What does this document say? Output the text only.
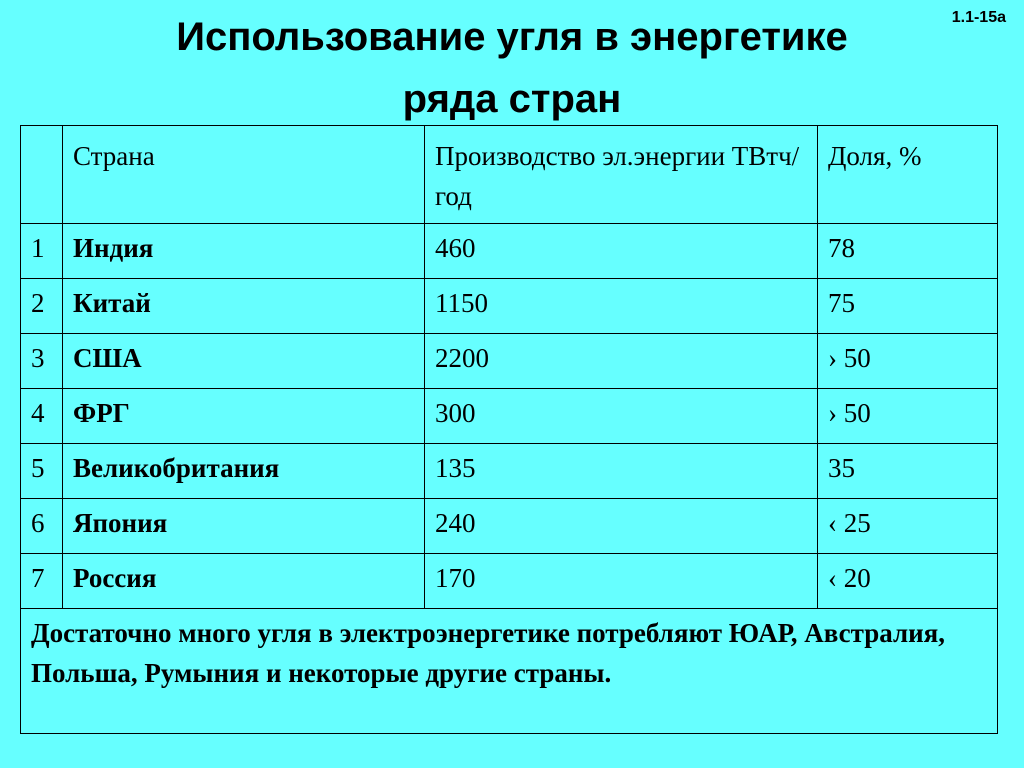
Использование угля в энергетике
ряда стран
1.1-15а
	Страна	Производство эл.энергии ТВтч/год	Доля, %
1	Индия	460	78
2	Китай	1150	75
3	США	2200	› 50
4	ФРГ	300	› 50
5	Великобритания	135	35
6	Япония	240	‹ 25
7	Россия	170	‹ 20
Достаточно много угля в электроэнергетике потребляют ЮАР, Австралия, Польша, Румыния и некоторые другие страны.			
